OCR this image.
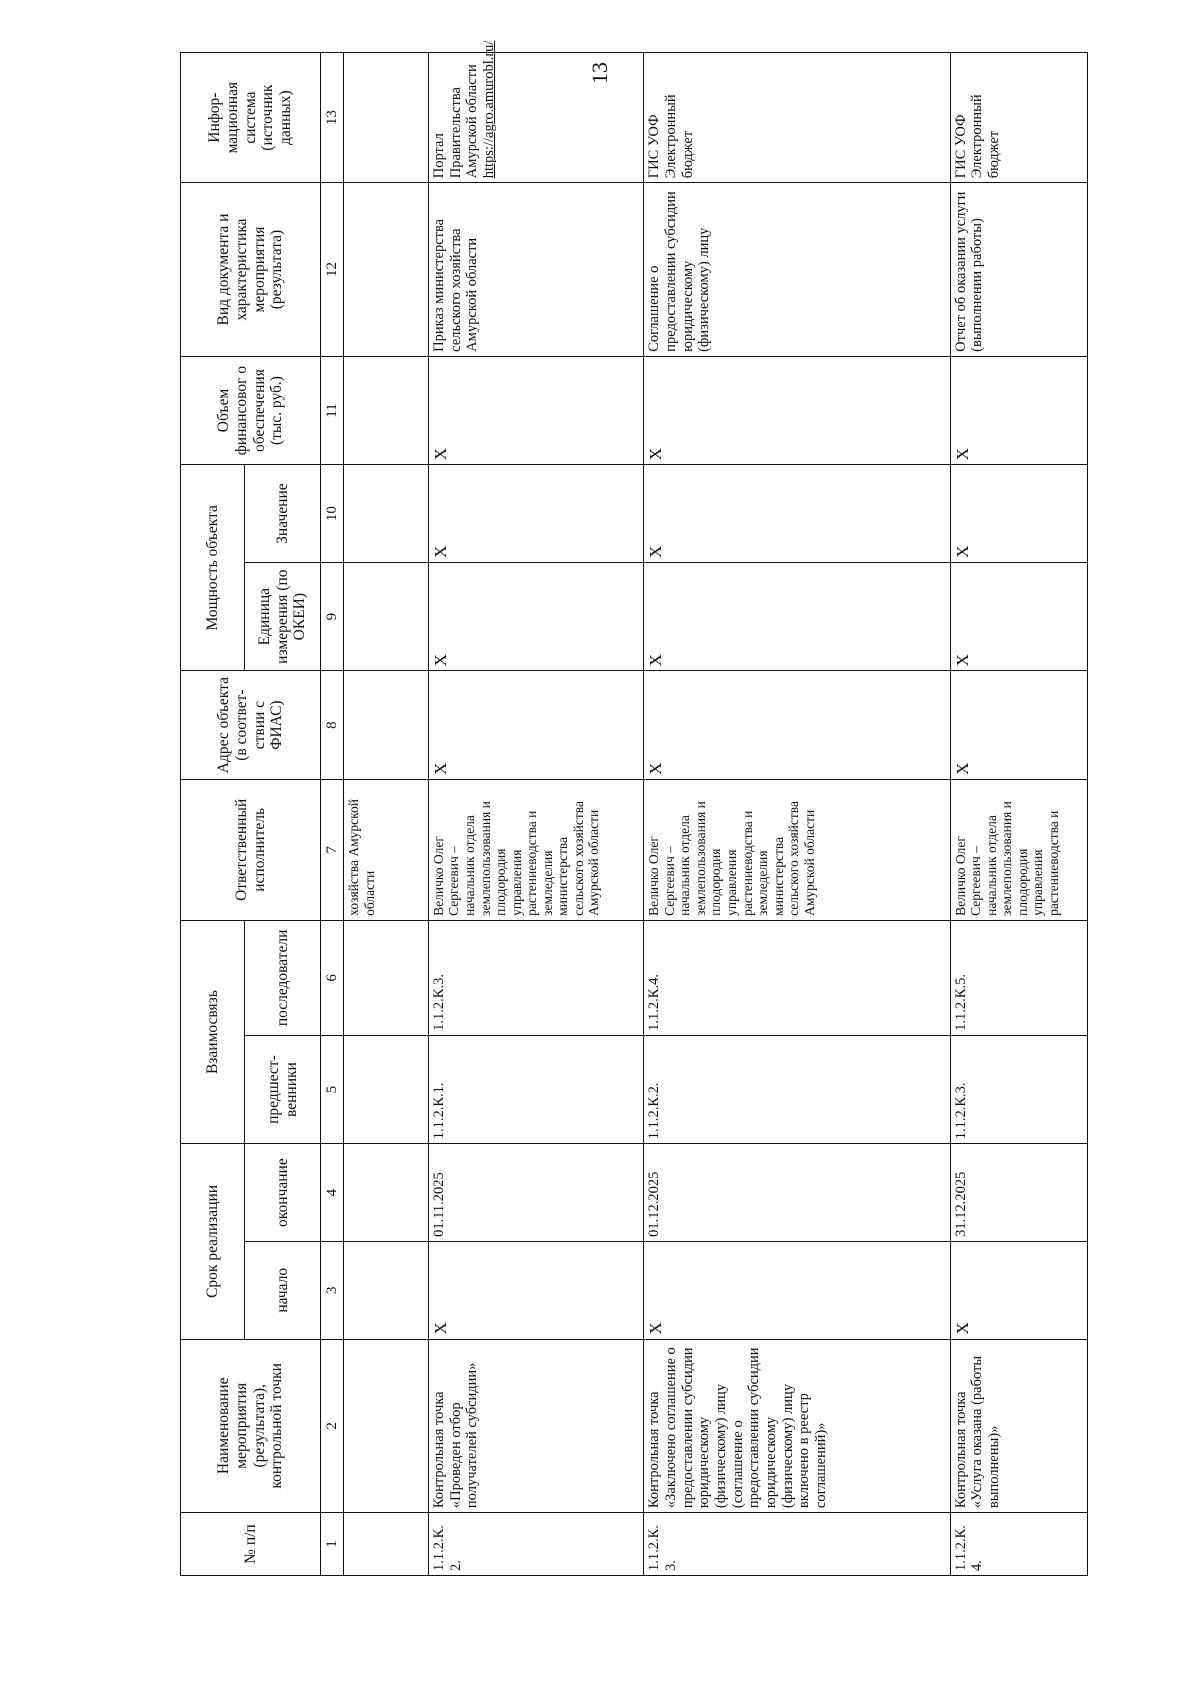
13
№ п/п	Наименование мероприятия (результата), контрольной точки	Срок реализации		Взаимосвязь		Ответственный исполнитель	Адрес объекта (в соответ-ствии с ФИАС)	Мощность объекта		Объем финансовог о обеспечения (тыс. руб.)	Вид документа и характеристика мероприятия (результата)	Инфор-мационная система (источник данных)
		начало	окончание	предшест-венники	последователи			Единица измерения (по ОКЕИ)	Значение			
1	2	3	4	5	6	7	8	9	10	11	12	13
						хозяйства Амурской области						
1.1.2.К. 2.	Контрольная точка «Проведен отбор получателей субсидии»	X	01.11.2025	1.1.2.К.1.	1.1.2.К.3.	Величко Олег Сергеевич – начальник отдела землепользования и плодородия управления растениеводства и земледелия министерства сельского хозяйства Амурской области	X	X	X	X	Приказ министерства сельского хозяйства Амурской области	Портал Правительства Амурской области https://agro.amurobl.ru/
1.1.2.К. 3.	Контрольная точка «Заключено соглашение о предоставлении субсидии юридическому (физическому) лицу (соглашение о предоставлении субсидии юридическому (физическому) лицу включено в реестр соглашений)»	X	01.12.2025	1.1.2.К.2.	1.1.2.К.4.	Величко Олег Сергеевич – начальник отдела землепользования и плодородия управления растениеводства и земледелия министерства сельского хозяйства Амурской области	X	X	X	X	Соглашение о предоставлении субсидии юридическому (физическому) лицу	ГИС УОФ Электронный бюджет
1.1.2.К. 4.	Контрольная точка «Услуга оказана (работы выполнены)»	X	31.12.2025	1.1.2.К.3.	1.1.2.К.5.	Величко Олег Сергеевич – начальник отдела землепользования и плодородия управления растениеводства и	X	X	X	X	Отчет об оказании услуги (выполнении работы)	ГИС УОФ Электронный бюджет
